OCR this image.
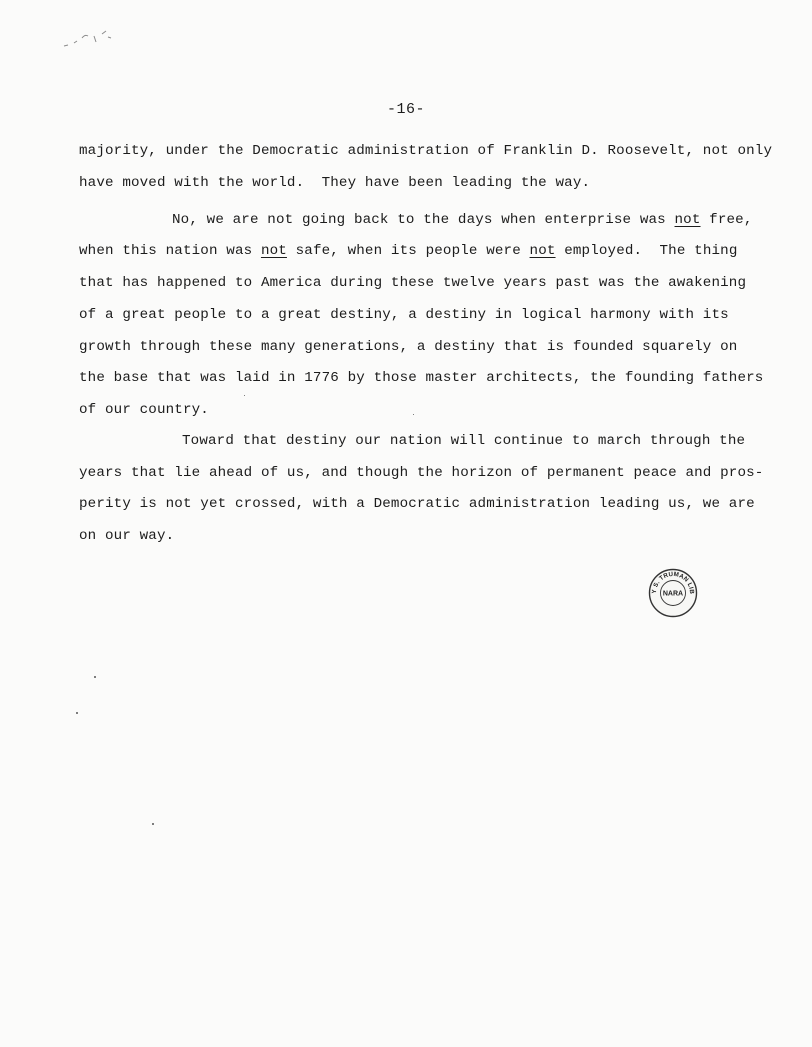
-16-
majority, under the Democratic administration of Franklin D. Roosevelt, not only
have moved with the world.  They have been leading the way.
No, we are not going back to the days when enterprise was not free,
when this nation was not safe, when its people were not employed.  The thing
that has happened to America during these twelve years past was the awakening
of a great people to a great destiny, a destiny in logical harmony with its
growth through these many generations, a destiny that is founded squarely on
the base that was laid in 1776 by those master architects, the founding fathers
of our country.
Toward that destiny our nation will continue to march through the
years that lie ahead of us, and though the horizon of permanent peace and pros-
perity is not yet crossed, with a Democratic administration leading us, we are
on our way.
Y S. TRUMAN LIB
NARA
